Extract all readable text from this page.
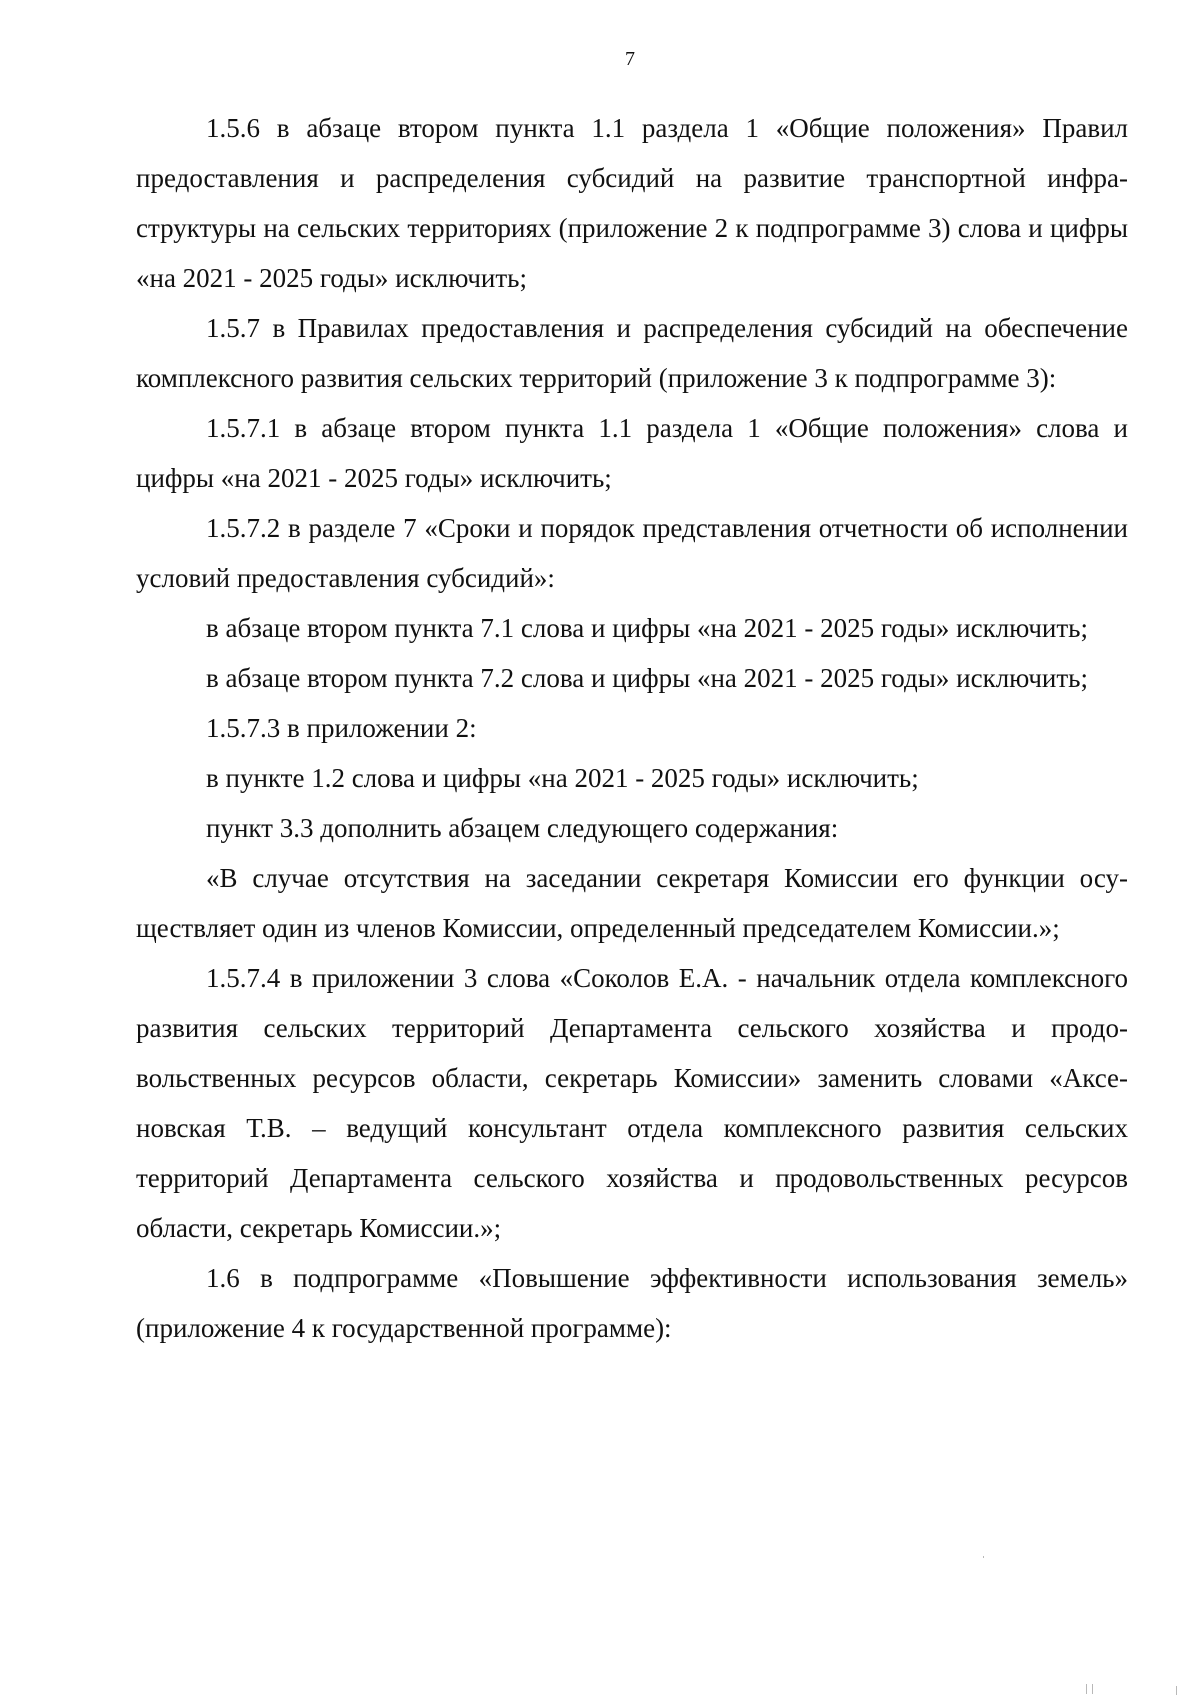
7

1.5.6 в абзаце втором пункта 1.1 раздела 1 «Общие положения» Правил предоставления и распределения субсидий на развитие транспортной инфраструктуры на сельских территориях (приложение 2 к подпрограмме 3) слова и цифры «на 2021 - 2025 годы» исключить;

1.5.7 в Правилах предоставления и распределения субсидий на обеспечение комплексного развития сельских территорий (приложение 3 к подпрограмме 3):

1.5.7.1 в абзаце втором пункта 1.1 раздела 1 «Общие положения» слова и цифры «на 2021 - 2025 годы» исключить;

1.5.7.2 в разделе 7 «Сроки и порядок представления отчетности об исполнении условий предоставления субсидий»:

в абзаце втором пункта 7.1 слова и цифры «на 2021 - 2025 годы» исключить;

в абзаце втором пункта 7.2 слова и цифры «на 2021 - 2025 годы» исключить;

1.5.7.3 в приложении 2:

в пункте 1.2 слова и цифры «на 2021 - 2025 годы» исключить;

пункт 3.3 дополнить абзацем следующего содержания:

«В случае отсутствия на заседании секретаря Комиссии его функции осуществляет один из членов Комиссии, определенный председателем Комиссии.»;

1.5.7.4 в приложении 3 слова «Соколов Е.А. - начальник отдела комплексного развития сельских территорий Департамента сельского хозяйства и продовольственных ресурсов области, секретарь Комиссии» заменить словами «Аксеновская Т.В. – ведущий консультант отдела комплексного развития сельских территорий Департамента сельского хозяйства и продовольственных ресурсов области, секретарь Комиссии.»;

1.6 в подпрограмме «Повышение эффективности использования земель» (приложение 4 к государственной программе):
